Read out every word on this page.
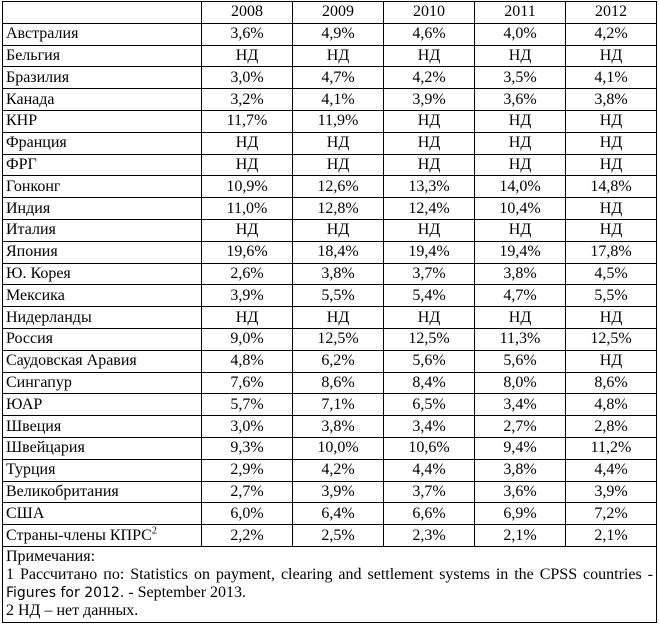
	2008	2009	2010	2011	2012
Австралия	3,6%	4,9%	4,6%	4,0%	4,2%
Бельгия	НД	НД	НД	НД	НД
Бразилия	3,0%	4,7%	4,2%	3,5%	4,1%
Канада	3,2%	4,1%	3,9%	3,6%	3,8%
КНР	11,7%	11,9%	НД	НД	НД
Франция	НД	НД	НД	НД	НД
ФРГ	НД	НД	НД	НД	НД
Гонконг	10,9%	12,6%	13,3%	14,0%	14,8%
Индия	11,0%	12,8%	12,4%	10,4%	НД
Италия	НД	НД	НД	НД	НД
Япония	19,6%	18,4%	19,4%	19,4%	17,8%
Ю. Корея	2,6%	3,8%	3,7%	3,8%	4,5%
Мексика	3,9%	5,5%	5,4%	4,7%	5,5%
Нидерланды	НД	НД	НД	НД	НД
Россия	9,0%	12,5%	12,5%	11,3%	12,5%
Саудовская Аравия	4,8%	6,2%	5,6%	5,6%	НД
Сингапур	7,6%	8,6%	8,4%	8,0%	8,6%
ЮАР	5,7%	7,1%	6,5%	3,4%	4,8%
Швеция	3,0%	3,8%	3,4%	2,7%	2,8%
Швейцария	9,3%	10,0%	10,6%	9,4%	11,2%
Турция	2,9%	4,2%	4,4%	3,8%	4,4%
Великобритания	2,7%	3,9%	3,7%	3,6%	3,9%
США	6,0%	6,4%	6,6%	6,9%	7,2%
Страны-члены КПРС$^2$	2,2%	2,5%	2,3%	2,1%	2,1%

Примечания:
1 Рассчитано по: Statistics on payment, clearing and settlement systems in the CPSS countries - Figures for 2012. - September 2013.
2 НД – нет данных.					
